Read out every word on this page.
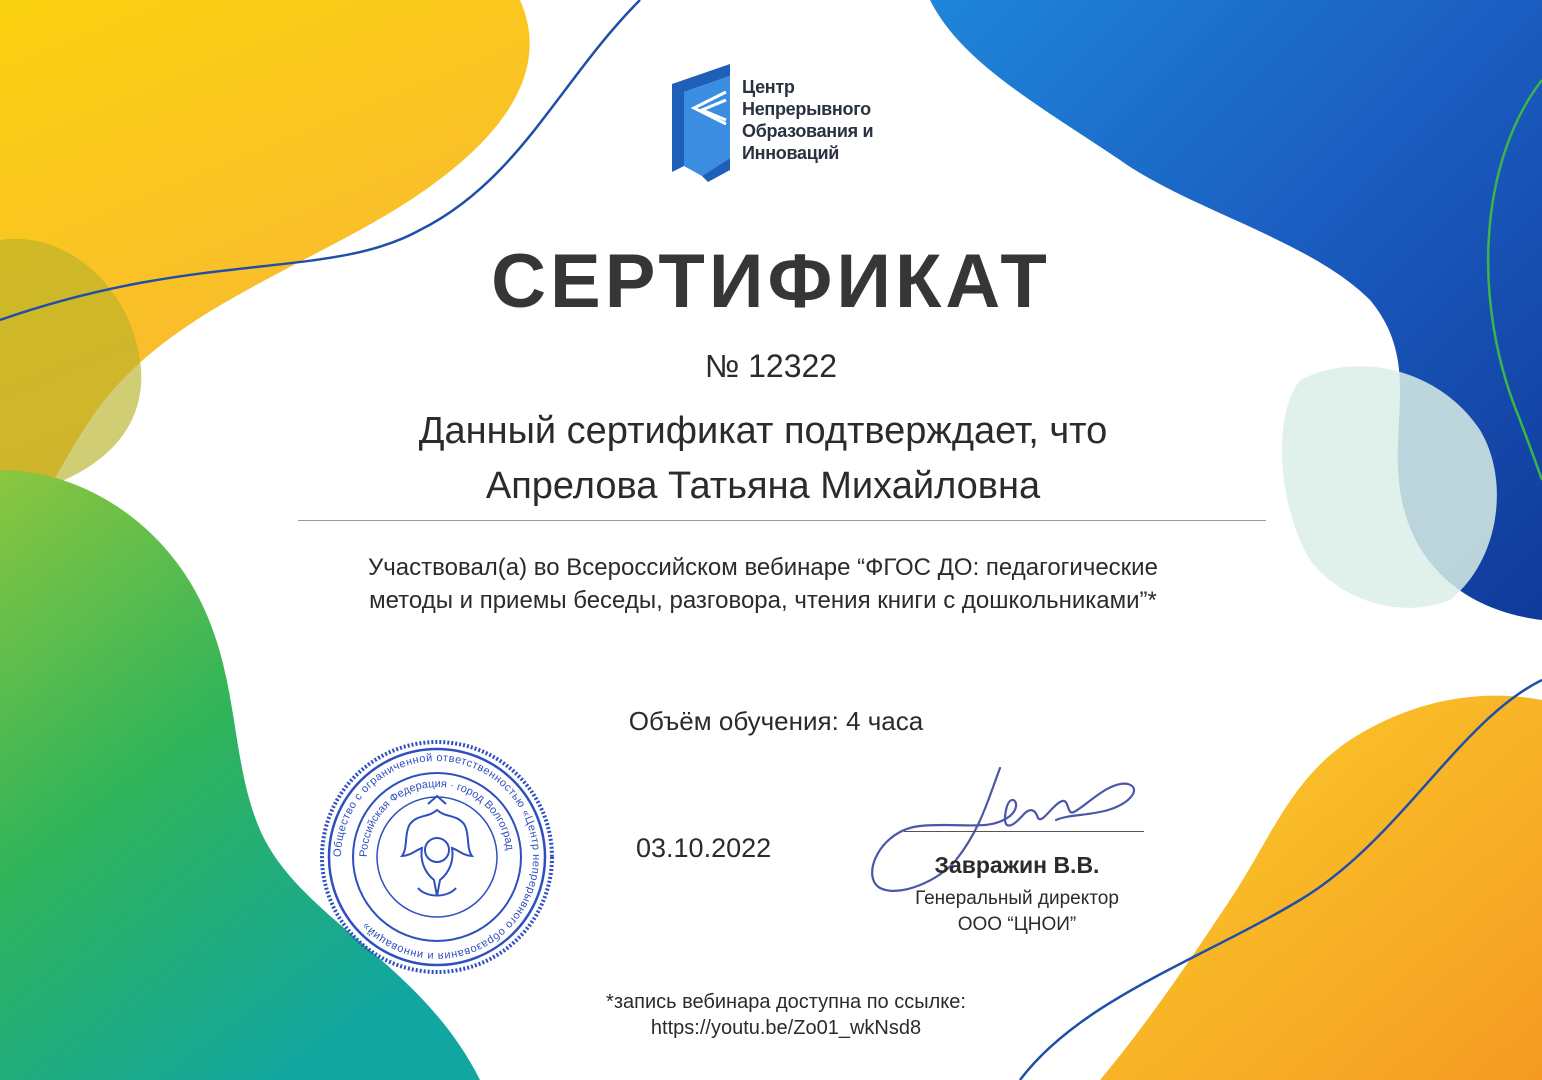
Центр
Непрерывного
Образования и
Инноваций
СЕРТИФИКАТ
№ 12322
Данный сертификат подтверждает, что
Апрелова Татьяна Михайловна
Участвовал(а) во Всероссийском вебинаре “ФГОС ДО: педагогические
методы и приемы беседы, разговора, чтения книги с дошкольниками”*
Объём обучения: 4 часа
Общество с ограниченной ответственностью «Центр непрерывного образования и инноваций»
Российская Федерация · город Волгоград	03.10.2022
Завражин В.В.
Генеральный директор
ООО “ЦНОИ”
*запись вебинара доступна по ссылке:
https://youtu.be/Zo01_wkNsd8
